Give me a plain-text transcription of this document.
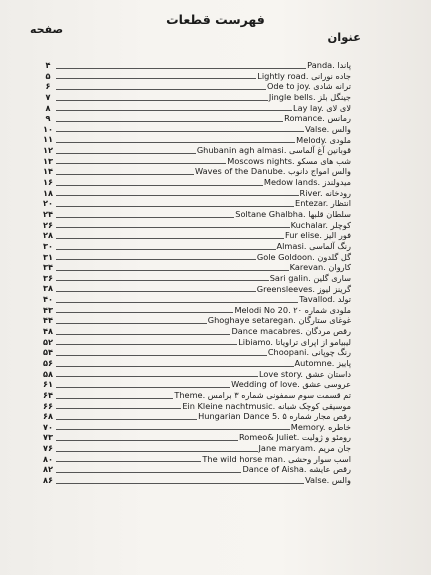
فهرست قطعات
صفحه
عنوان
۴	Panda. پاندا
۵	Lightly road. جاده نورانی
۶	Ode to joy. ترانه شادی
۷	Jingle bells. جینگل بلز
۸	Lay lay. لای لای
۹	Romance. رمانس
۱۰	Valse. والس
۱۱	Melody. ملودی
۱۲	Ghubanin agh almasi. قوبانین آغ آلماسی
۱۳	Moscows nights. شب های مسکو
۱۴	Waves of the Danube. والس امواج دانوب
۱۶	Medow lands. میدولندز
۱۸	River. رودخانه
۲۰	Entezar. انتظار
۲۴	Soltane Ghalbha. سلطان قلبها
۲۶	Kuchalar. کوچلر
۲۸	Fur elise. فور الیز
۳۰	Almasi. رنگ آلماسی
۳۱	Gole Goldoon. گل گلدون
۳۴	Karevan. کاروان
۳۶	Sari galin. ساری گلین
۳۸	Greensleeves. گرینز لیوز
۴۰	Tavallod. تولد
۴۳	Melodi No 20. ملودی شماره ۲۰
۴۴	Ghoghaye setaregan. غوغای ستارگان
۴۸	Dance macabres. رقص مردگان
۵۲	Libiamo. لیبیامو از اپرای تراویاتا
۵۴	Choopani. رنگ چوپانی
۵۶	Automne. پاییز
۵۸	Love story. داستان عشق
۶۱	Wedding of love. عروسی عشق
۶۴	Theme. تم قسمت سوم سمفونی شماره ۳ برامس
۶۶	Ein Kleine nachtmusic. موسیقی کوچک شبانه
۶۸	Hungarian Dance 5. رقص مجار شماره ۵
۷۰	Memory. خاطره
۷۳	Romeo& Juliet. رومئو و ژولیت
۷۶	Jane maryam. جان مریم
۸۰	The wild horse man. اسب سوار وحشی
۸۲	Dance of Aisha. رقص عایشه
۸۶	Valse. والس
